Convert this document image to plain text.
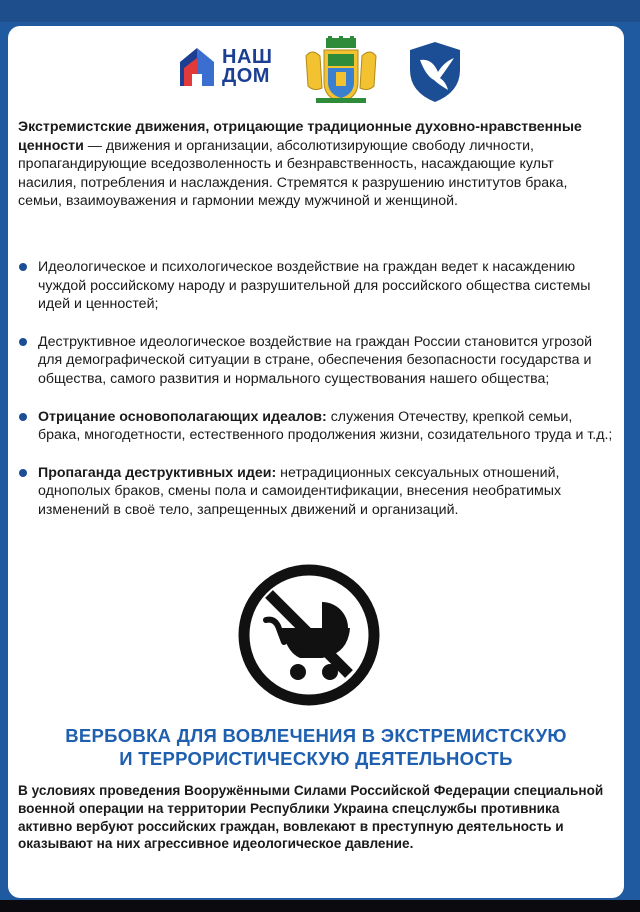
НАШ
ДОМ
Экстремистские движения, отрицающие традиционные духовно-нравственные ценности — движения и организации, абсолютизирующие свободу личности, пропагандирующие вседозволенность и безнравственность, насаждающие культ насилия, потребления и наслаждения. Стремятся к разрушению институтов брака, семьи, взаимоуважения и гармонии между мужчиной и женщиной.
Идеологическое и психологическое воздействие на граждан ведет к насаждению чуждой российскому народу и разрушительной для российского общества системы идей и ценностей;
Деструктивное идеологическое воздействие на граждан России становится угрозой для демографической ситуации в стране, обеспечения безопасности государства и общества, самого развития и нормального существования нашего общества;
Отрицание основополагающих идеалов: служения Отечеству, крепкой семьи, брака, многодетности, естественного продолжения жизни, созидательного труда и т.д.;
Пропаганда деструктивных идеи: нетрадиционных сексуальных отношений, однополых браков, смены пола и самоидентификации, внесения необратимых изменений в своё тело, запрещенных движений и организаций.
ВЕРБОВКА ДЛЯ ВОВЛЕЧЕНИЯ В ЭКСТРЕМИСТСКУЮ
И ТЕРРОРИСТИЧЕСКУЮ ДЕЯТЕЛЬНОСТЬ
В условиях проведения Вооружёнными Силами Российской Федерации специальной военной операции на территории Республики Украина спецслужбы противника активно вербуют российских граждан, вовлекают в преступную деятельность и оказывают на них агрессивное идеологическое давление.
